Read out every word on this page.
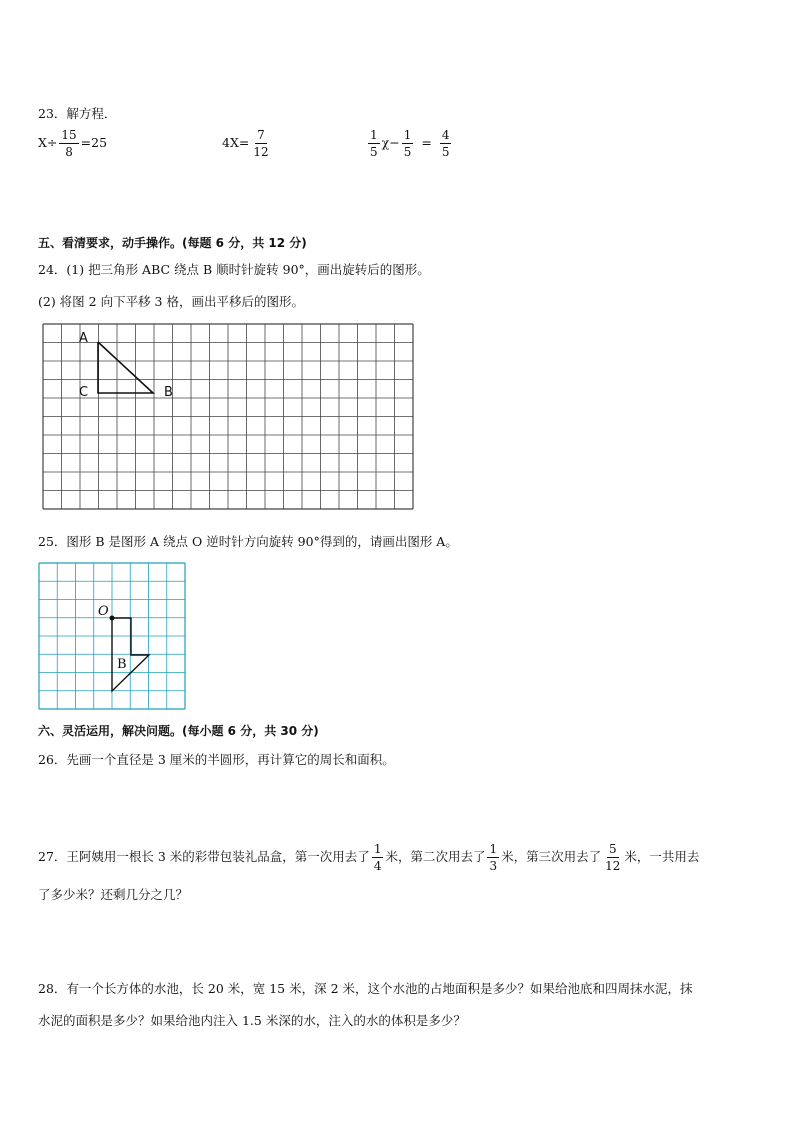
23．解方程．
$X\div \frac{15}{8} =25$	$4X= \frac{7}{12}$	$\frac{1}{5} \chi- \frac{1}{5} = \frac{4}{5}$
五、看清要求，动手操作。(每题 6 分，共 12 分)
24．(1) 把三角形 ABC 绕点 B 顺时针旋转 90°，画出旋转后的图形。
(2) 将图 2 向下平移 3 格，画出平移后的图形。
A
C	B
25．图形 B 是图形 A 绕点 O 逆时针方向旋转 90°得到的，请画出图形 A。
O
B
六、灵活运用，解决问题。(每小题 6 分，共 30 分)
26．先画一个直径是 3 厘米的半圆形，再计算它的周长和面积。
27．王阿姨用一根长 3 米的彩带包装礼品盒，第一次用去了 $\frac{1}{4}$ 米，第二次用去了 $\frac{1}{3}$ 米，第三次用去了 $\frac{5}{12}$ 米，一共用去
了多少米？还剩几分之几？
28．有一个长方体的水池，长 20 米，宽 15 米，深 2 米，这个水池的占地面积是多少？如果给池底和四周抹水泥，抹
水泥的面积是多少？如果给池内注入 1.5 米深的水，注入的水的体积是多少？
